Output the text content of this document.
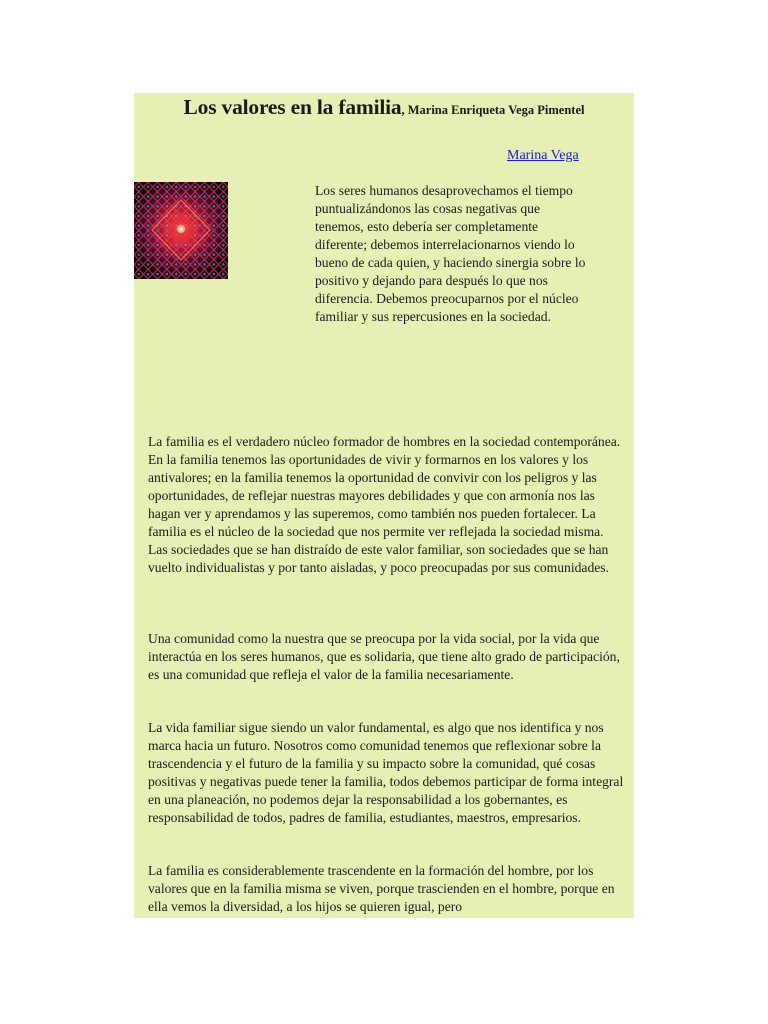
Los valores en la familia, Marina Enriqueta Vega Pimentel
Marina Vega

Los seres humanos desaprovechamos el tiempo puntualizándonos las cosas negativas que tenemos, esto debería ser completamente diferente; debemos interrelacionarnos viendo lo bueno de cada quien, y haciendo sinergia sobre lo positivo y dejando para después lo que nos diferencia. Debemos preocuparnos por el núcleo familiar y sus repercusiones en la sociedad.

La familia es el verdadero núcleo formador de hombres en la sociedad contemporánea. En la familia tenemos las oportunidades de vivir y formarnos en los valores y los antivalores; en la familia tenemos la oportunidad de convivir con los peligros y las oportunidades, de reflejar nuestras mayores debilidades y que con armonía nos las hagan ver y aprendamos y las superemos, como también nos pueden fortalecer. La familia es el núcleo de la sociedad que nos permite ver reflejada la sociedad misma. Las sociedades que se han distraído de este valor familiar, son sociedades que se han vuelto individualistas y por tanto aisladas, y poco preocupadas por sus comunidades.

Una comunidad como la nuestra que se preocupa por la vida social, por la vida que interactúa en los seres humanos, que es solidaria, que tiene alto grado de participación, es una comunidad que refleja el valor de la familia necesariamente.

La vida familiar sigue siendo un valor fundamental, es algo que nos identifica y nos marca hacia un futuro. Nosotros como comunidad tenemos que reflexionar sobre la trascendencia y el futuro de la familia y su impacto sobre la comunidad, qué cosas positivas y negativas puede tener la familia, todos debemos participar de forma integral en una planeación, no podemos dejar la responsabilidad a los gobernantes, es responsabilidad de todos, padres de familia, estudiantes, maestros, empresarios.

La familia es considerablemente trascendente en la formación del hombre, por los valores que en la familia misma se viven, porque trascienden en el hombre, porque en ella vemos la diversidad, a los hijos se quieren igual, pero
